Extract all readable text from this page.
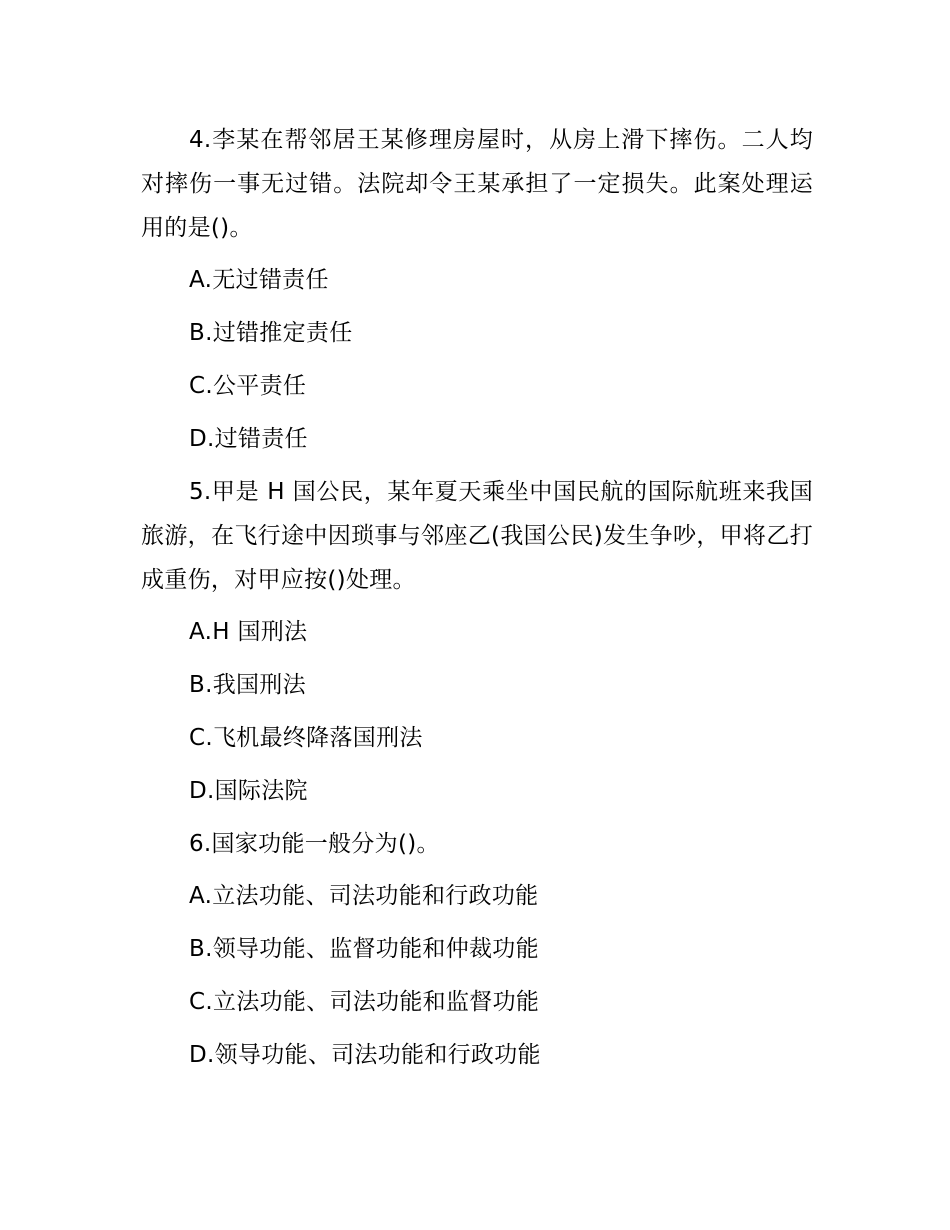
4.李某在帮邻居王某修理房屋时，从房上滑下摔伤。二人均对摔伤一事无过错。法院却令王某承担了一定损失。此案处理运用的是()。

A.无过错责任
B.过错推定责任
C.公平责任
D.过错责任

5.甲是 H 国公民，某年夏天乘坐中国民航的国际航班来我国旅游，在飞行途中因琐事与邻座乙(我国公民)发生争吵，甲将乙打成重伤，对甲应按()处理。

A.H 国刑法
B.我国刑法
C.飞机最终降落国刑法
D.国际法院

6.国家功能一般分为()。

A.立法功能、司法功能和行政功能
B.领导功能、监督功能和仲裁功能
C.立法功能、司法功能和监督功能
D.领导功能、司法功能和行政功能
